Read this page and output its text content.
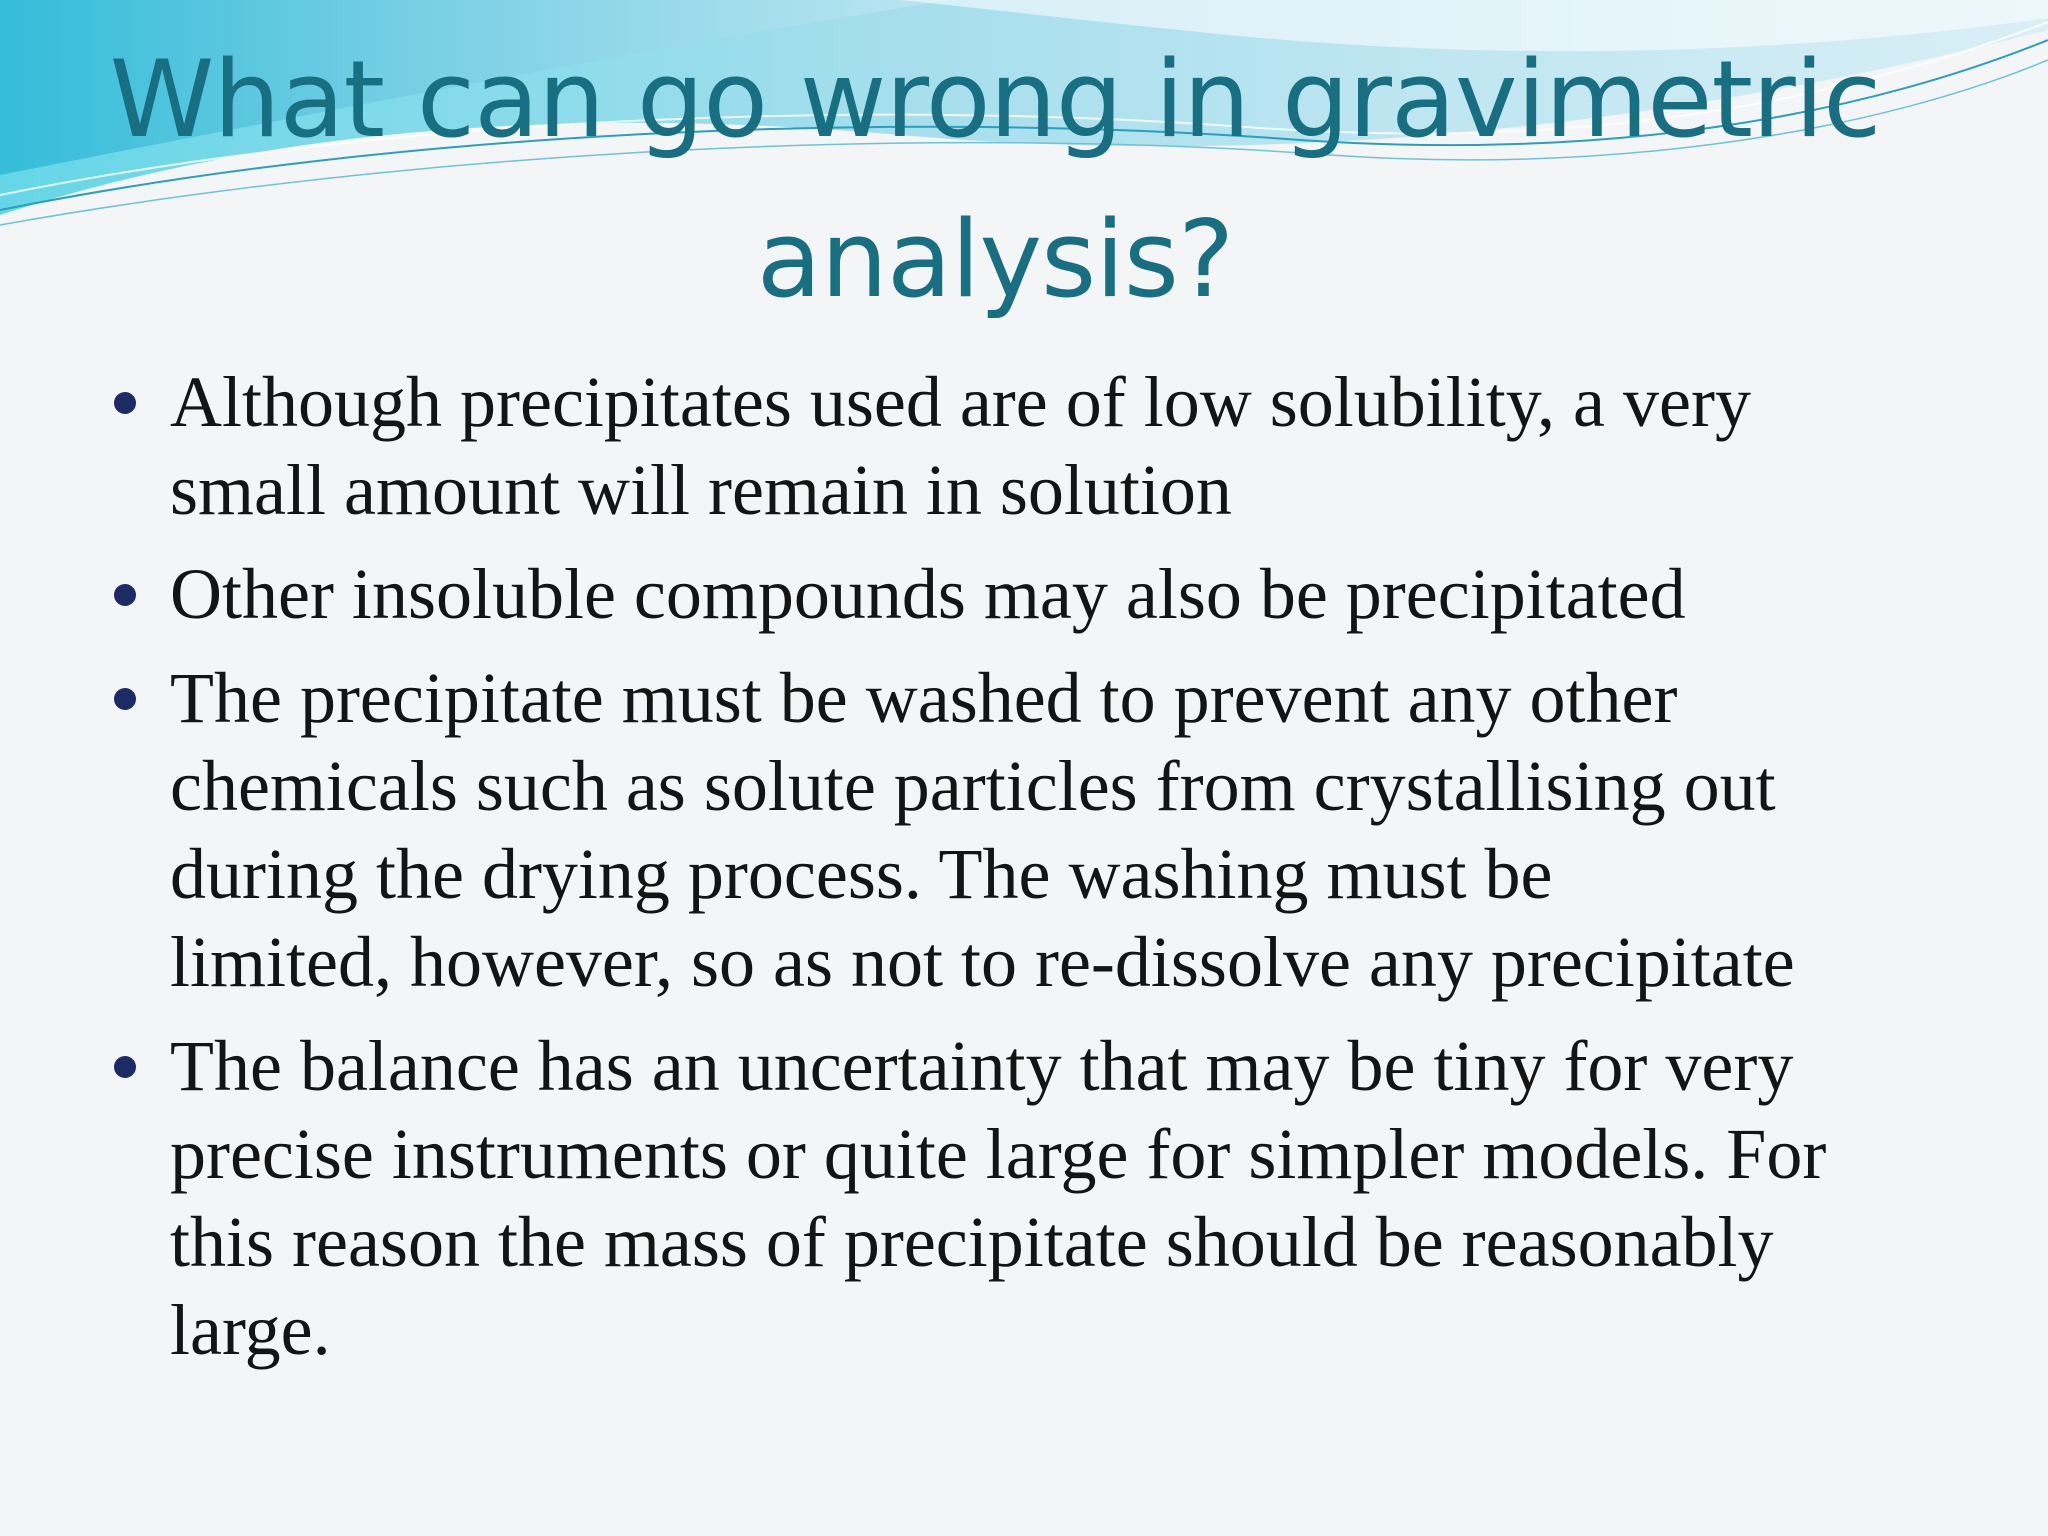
What can go wrong in gravimetric
analysis?
Although precipitates used are of low solubility, a very
small amount will remain in solution
Other insoluble compounds may also be precipitated
The precipitate must be washed to prevent any other
chemicals such as solute particles from crystallising out
during the drying process. The washing must be
limited, however, so as not to re-dissolve any precipitate
The balance has an uncertainty that may be tiny for very
precise instruments or quite large for simpler models. For
this reason the mass of precipitate should be reasonably
large.
